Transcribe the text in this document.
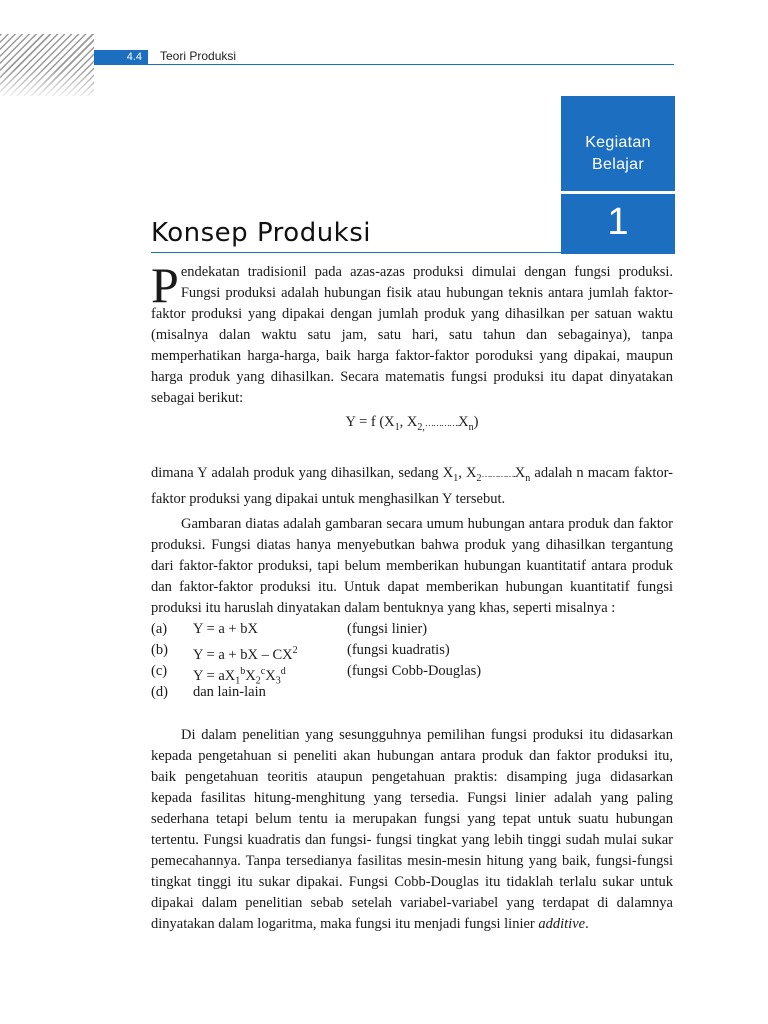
4.4	Teori Produksi
Kegiatan
Belajar
1
Konsep Produksi

Pendekatan tradisionil pada azas-azas produksi dimulai dengan fungsi produksi. Fungsi produksi adalah hubungan fisik atau hubungan teknis antara jumlah faktor-faktor produksi yang dipakai dengan jumlah produk yang dihasilkan per satuan waktu (misalnya dalan waktu satu jam, satu hari, satu tahun dan sebagainya), tanpa memperhatikan harga-harga, baik harga faktor-faktor poroduksi yang dipakai, maupun harga produk yang dihasilkan. Secara matematis fungsi produksi itu dapat dinyatakan sebagai berikut:

Y = f ($X_1$, $X_{2,}\dots\dots\dots\dots.X_n$)

dimana Y adalah produk yang dihasilkan, sedang $X_1$, $X_2\dots\dots\dots\dots.X_n$ adalah n macam faktor-faktor produksi yang dipakai untuk menghasilkan Y tersebut.

Gambaran diatas adalah gambaran secara umum hubungan antara produk dan faktor produksi. Fungsi diatas hanya menyebutkan bahwa produk yang dihasilkan tergantung dari faktor-faktor produksi, tapi belum memberikan hubungan kuantitatif antara produk dan faktor-faktor produksi itu. Untuk dapat memberikan hubungan kuantitatif fungsi produksi itu haruslah dinyatakan dalam bentuknya yang khas, seperti misalnya :

(a)	Y = a + bX	(fungsi linier)
(b)	Y = a + bX – $CX^2$	(fungsi kuadratis)
(c)	$Y = aX_1^bX_2^cX_3^d$	(fungsi Cobb-Douglas)
(d)	dan lain-lain

Di dalam penelitian yang sesungguhnya pemilihan fungsi produksi itu didasarkan kepada pengetahuan si peneliti akan hubungan antara produk dan faktor produksi itu, baik pengetahuan teoritis ataupun pengetahuan praktis: disamping juga didasarkan kepada fasilitas hitung-menghitung yang tersedia. Fungsi linier adalah yang paling sederhana tetapi belum tentu ia merupakan fungsi yang tepat untuk suatu hubungan tertentu. Fungsi kuadratis dan fungsi- fungsi tingkat yang lebih tinggi sudah mulai sukar pemecahannya. Tanpa tersedianya fasilitas mesin-mesin hitung yang baik, fungsi-fungsi tingkat tinggi itu sukar dipakai. Fungsi Cobb-Douglas itu tidaklah terlalu sukar untuk dipakai dalam penelitian sebab setelah variabel-variabel yang terdapat di dalamnya dinyatakan dalam logaritma, maka fungsi itu menjadi fungsi linier additive.
